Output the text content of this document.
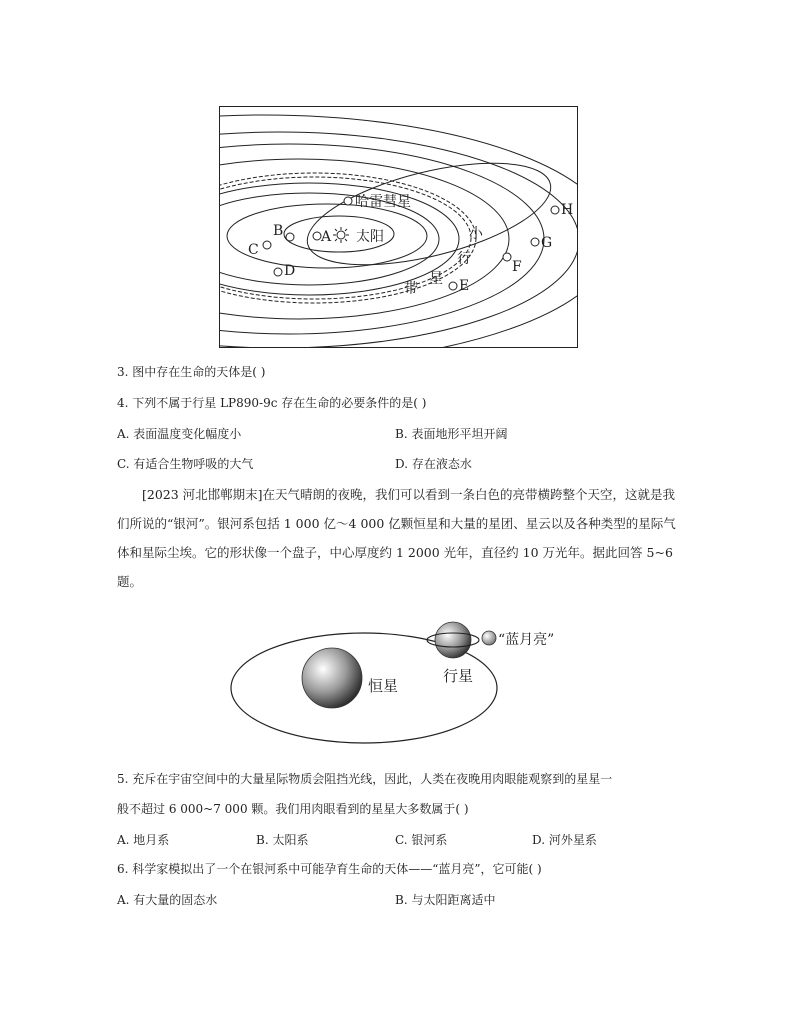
A
B
C
D
E
F
G
H
太阳
哈雷彗星
小
行
星
带
3. 图中存在生命的天体是( )
4. 下列不属于行星 LP890-9c 存在生命的必要条件的是( )
A. 表面温度变化幅度小	B. 表面地形平坦开阔
C. 有适合生物呼吸的大气	D. 存在液态水
[2023 河北邯郸期末]在天气晴朗的夜晚，我们可以看到一条白色的亮带横跨整个天空，这就是我们所说的“银河”。银河系包括 1 000 亿～4 000 亿颗恒星和大量的星团、星云以及各种类型的星际气体和星际尘埃。它的形状像一个盘子，中心厚度约 1 2000 光年，直径约 10 万光年。据此回答 5~6 题。
恒星
行星
“蓝月亮”
5. 充斥在宇宙空间中的大量星际物质会阻挡光线，因此，人类在夜晚用肉眼能观察到的星星一
般不超过 6 000~7 000 颗。我们用肉眼看到的星星大多数属于( )
A. 地月系	B. 太阳系	C. 银河系	D. 河外星系
6. 科学家模拟出了一个在银河系中可能孕育生命的天体——“蓝月亮”，它可能( )
A. 有大量的固态水	B. 与太阳距离适中
